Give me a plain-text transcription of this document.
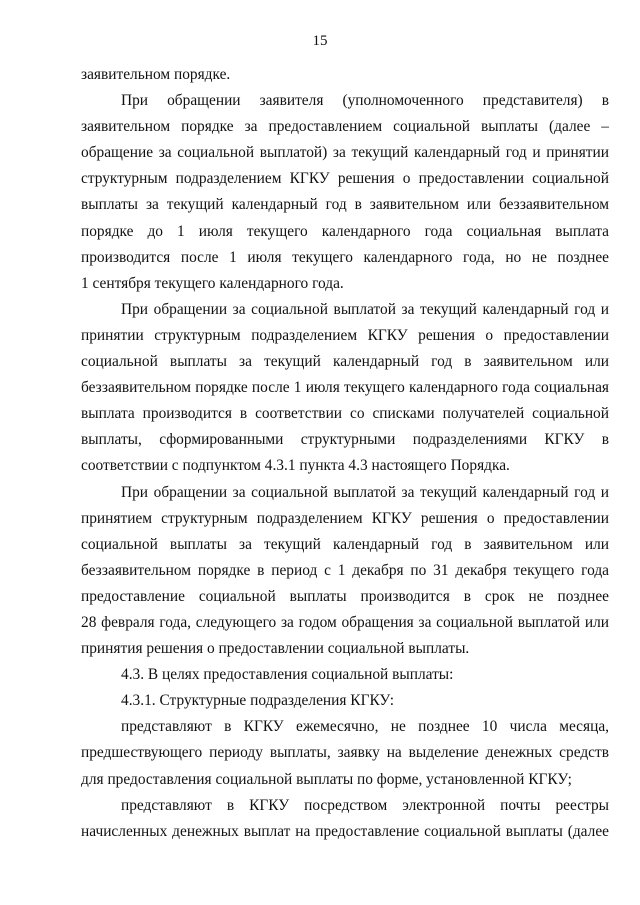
15
заявительном порядке.
При обращении заявителя (уполномоченного представителя) в
заявительном порядке за предоставлением социальной выплаты (далее –
обращение за социальной выплатой) за текущий календарный год и принятии
структурным подразделением КГКУ решения о предоставлении социальной
выплаты за текущий календарный год в заявительном или беззаявительном
порядке до 1 июля текущего календарного года социальная выплата
производится после 1 июля текущего календарного года, но не позднее
1 сентября текущего календарного года.
При обращении за социальной выплатой за текущий календарный год и
принятии структурным подразделением КГКУ решения о предоставлении
социальной выплаты за текущий календарный год в заявительном или
беззаявительном порядке после 1 июля текущего календарного года социальная
выплата производится в соответствии со списками получателей социальной
выплаты, сформированными структурными подразделениями КГКУ в
соответствии с подпунктом 4.3.1 пункта 4.3 настоящего Порядка.
При обращении за социальной выплатой за текущий календарный год и
принятием структурным подразделением КГКУ решения о предоставлении
социальной выплаты за текущий календарный год в заявительном или
беззаявительном порядке в период с 1 декабря по 31 декабря текущего года
предоставление социальной выплаты производится в срок не позднее
28 февраля года, следующего за годом обращения за социальной выплатой или
принятия решения о предоставлении социальной выплаты.
4.3. В целях предоставления социальной выплаты:
4.3.1. Структурные подразделения КГКУ:
представляют в КГКУ ежемесячно, не позднее 10 числа месяца,
предшествующего периоду выплаты, заявку на выделение денежных средств
для предоставления социальной выплаты по форме, установленной КГКУ;
представляют в КГКУ посредством электронной почты реестры
начисленных денежных выплат на предоставление социальной выплаты (далее
